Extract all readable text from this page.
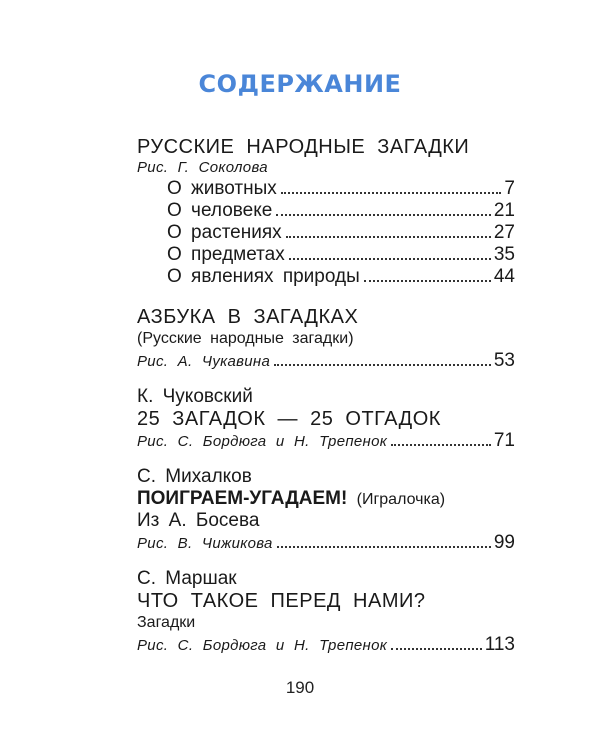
СОДЕРЖАНИЕ
РУССКИЕ НАРОДНЫЕ ЗАГАДКИ
Рис. Г. Соколова
О животных	7
О человеке	21
О растениях	27
О предметах	35
О явлениях природы	44
АЗБУКА В ЗАГАДКАХ
(Русские народные загадки)
Рис. А. Чукавина	53
К. Чуковский
25 ЗАГАДОК — 25 ОТГАДОК
Рис. С. Бордюга и Н. Трепенок	71
С. Михалков
ПОИГРАЕМ-УГАДАЕМ! (Игралочка)
Из А. Босева
Рис. В. Чижикова	99
С. Маршак
ЧТО ТАКОЕ ПЕРЕД НАМИ?
Загадки
Рис. С. Бордюга и Н. Трепенок	113
190
